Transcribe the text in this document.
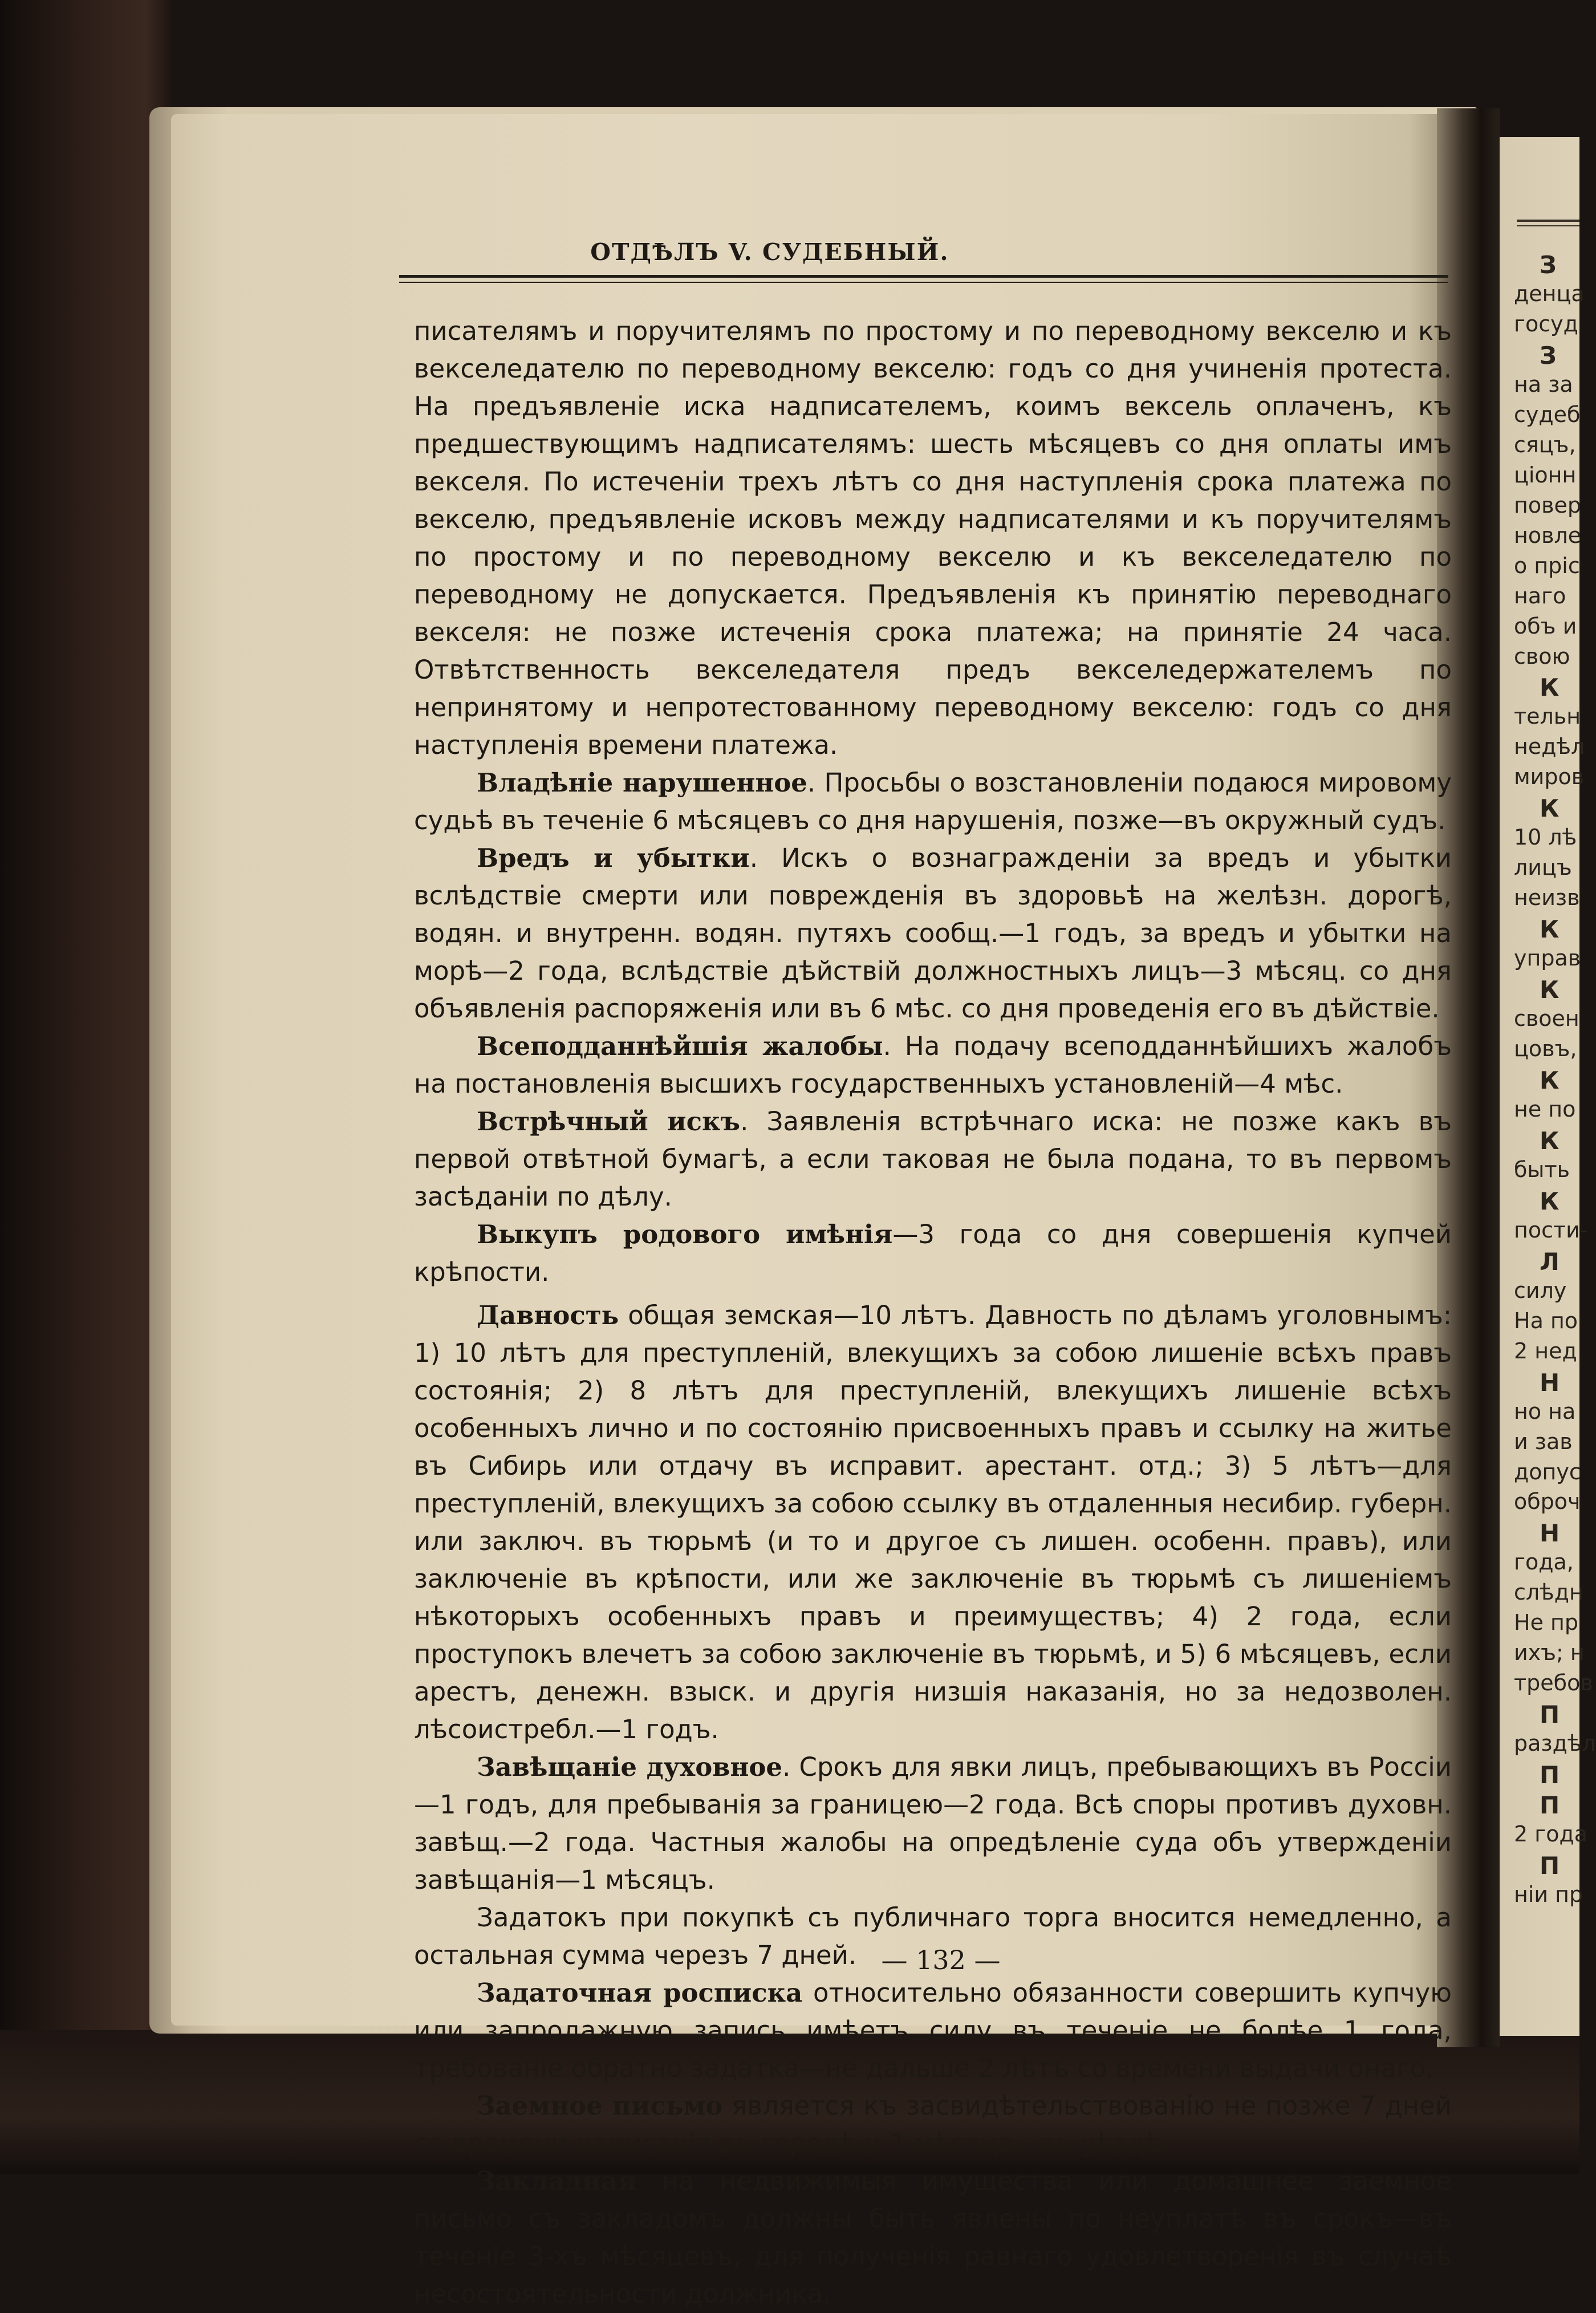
З
денца
госуд
З
на за
судеб
сяцъ,
ціонн
повер
новле
о пріс
наго
объ и
свою
К
тельн
недѣл
миров
К
10 лѣ
лицъ
неизв
К
управ
К
своен
цовъ,
К
не по
К
быть
К
пости-
Л
силу
На по
2 нед
Н
но на
и зав
допус
оброч
Н
года,
слѣдн
Не пр
ихъ; н
требов
П
раздѣл
П
П
2 года
П
ніи пр
ОТДѢЛЪ V. СУДЕБНЫЙ.

писателямъ и поручителямъ по простому и по переводному векселю и къ векселедателю по переводному векселю: годъ со дня учиненія протеста. На предъявленіе иска надписателемъ, коимъ вексель оплаченъ, къ предшествующимъ надписателямъ: шесть мѣсяцевъ со дня оплаты имъ векселя. По истеченіи трехъ лѣтъ со дня наступленія срока платежа по векселю, предъявленіе исковъ между надписателями и къ поручителямъ по простому и по переводному векселю и къ векселедателю по переводному не допускается. Предъявленія къ принятію переводнаго векселя: не позже истеченія срока платежа; на принятіе 24 часа. Отвѣтственность векселедателя предъ векселедержателемъ по непринятому и непротестованному переводному векселю: годъ со дня наступленія времени платежа.

Владѣніе нарушенное. Просьбы о возстановленіи подаюся мировому судьѣ въ теченіе 6 мѣсяцевъ со дня нарушенія, позже—въ окружный судъ.

Вредъ и убытки. Искъ о вознагражденіи за вредъ и убытки вслѣдствіе смерти или поврежденія въ здоровьѣ на желѣзн. дорогѣ, водян. и внутренн. водян. путяхъ сообщ.—1 годъ, за вредъ и убытки на морѣ—2 года, вслѣдствіе дѣйствій должностныхъ лицъ—3 мѣсяц. со дня объявленія распоряженія или въ 6 мѣс. со дня проведенія его въ дѣйствіе.

Всеподданнѣйшія жалобы. На подачу всеподданнѣйшихъ жалобъ на постановленія высшихъ государственныхъ установленій—4 мѣс.

Встрѣчный искъ. Заявленія встрѣчнаго иска: не позже какъ въ первой отвѣтной бумагѣ, а если таковая не была подана, то въ первомъ засѣданіи по дѣлу.

Выкупъ родового имѣнія—3 года со дня совершенія купчей крѣпости.

Давность общая земская—10 лѣтъ. Давность по дѣламъ уголовнымъ: 1) 10 лѣтъ для преступленій, влекущихъ за собою лишеніе всѣхъ правъ состоянія; 2) 8 лѣтъ для преступленій, влекущихъ лишеніе всѣхъ особенныхъ лично и по состоянію присвоенныхъ правъ и ссылку на житье въ Сибирь или отдачу въ исправит. арестант. отд.; 3) 5 лѣтъ—для преступленій, влекущихъ за собою ссылку въ отдаленныя несибир. губерн. или заключ. въ тюрьмѣ (и то и другое съ лишен. особенн. правъ), или заключеніе въ крѣпости, или же заключеніе въ тюрьмѣ съ лишеніемъ нѣкоторыхъ особенныхъ правъ и преимуществъ; 4) 2 года, если проступокъ влечетъ за собою заключеніе въ тюрьмѣ, и 5) 6 мѣсяцевъ, если арестъ, денежн. взыск. и другія низшія наказанія, но за недозволен. лѣсоистребл.—1 годъ.

Завѣщаніе духовное. Срокъ для явки лицъ, пребывающихъ въ Россіи—1 годъ, для пребыванія за границею—2 года. Всѣ споры противъ духовн. завѣщ.—2 года. Частныя жалобы на опредѣленіе суда объ утвержденіи завѣщанія—1 мѣсяцъ.

Задатокъ при покупкѣ съ публичнаго торга вносится немедленно, а остальная сумма черезъ 7 дней.

Задаточная росписка относительно обязанности совершить купчую или запродажную запись имѣетъ силу въ теченіе не болѣе 1 года, требованіе обратно задатка—не дальше 2 лѣтъ со времени выдачи онаго.

Заемное письмо является къ засвидѣтельствованію не позже 7 дней со времени написанія въ городѣ и 1 мѣсяца—въ уѣздѣ.

Закладная на недвижимыя имущества или домашнее заемное письмо съ закладомъ должны быть явлены по неуплатѣ въ срокъ—въ теченіе 3-хъ мѣсяцевъ, для полученія равнаго удовлетворенія въ случаѣ несостоятельности должника.

— 132 —
